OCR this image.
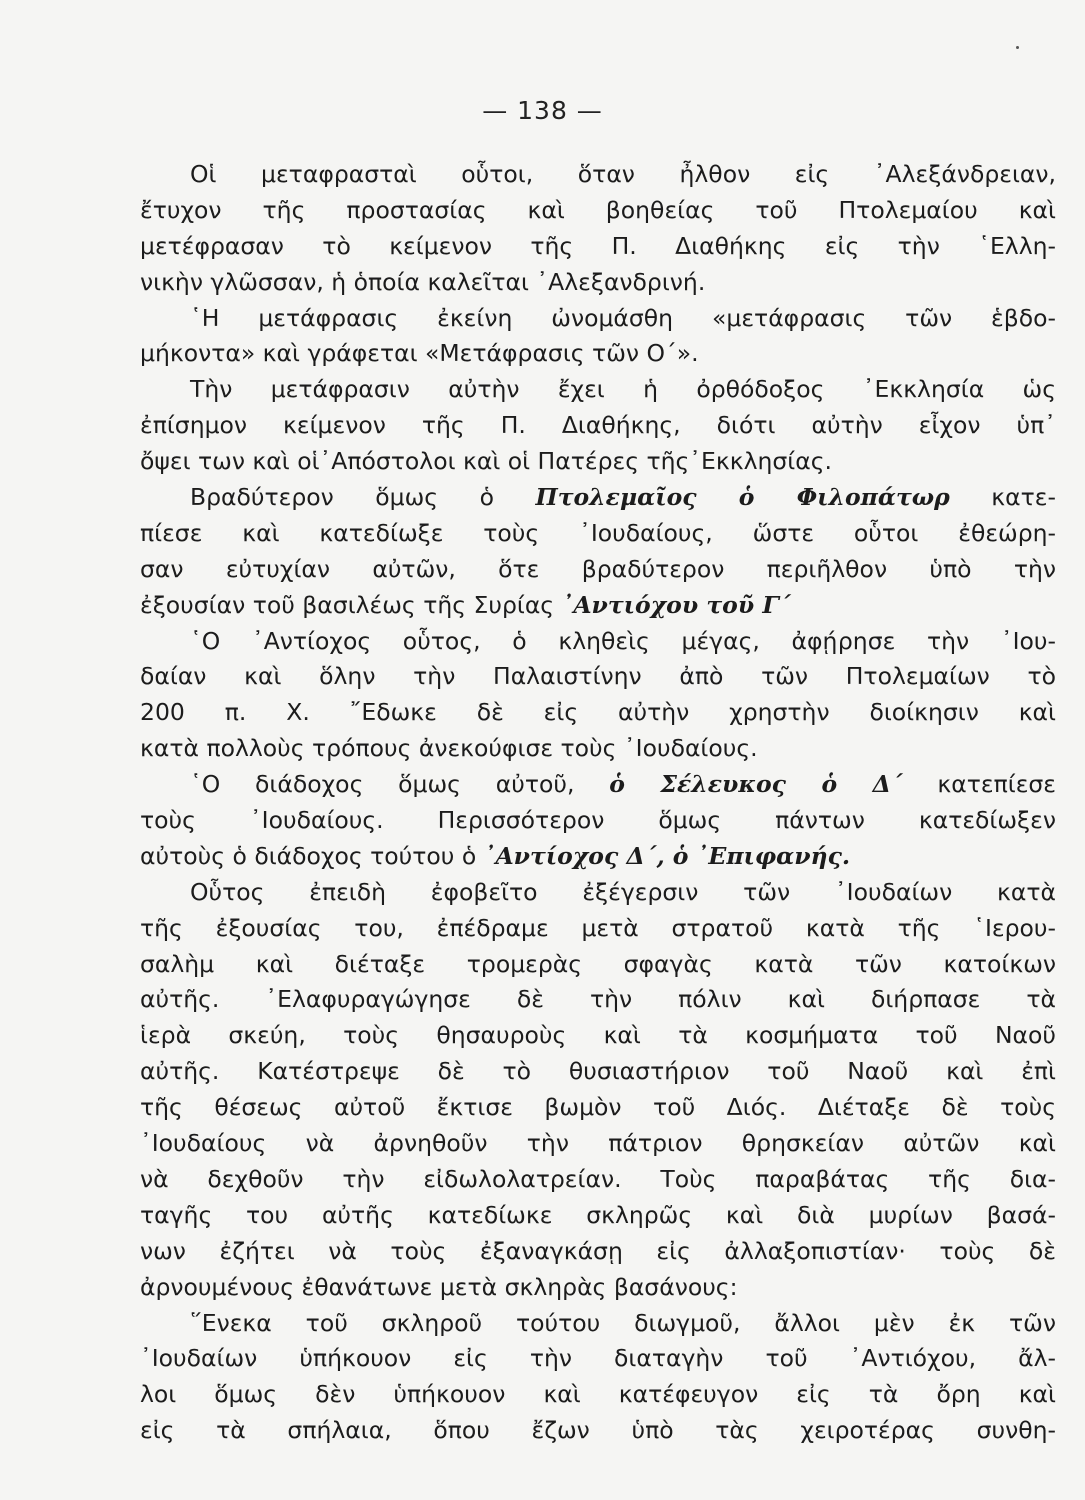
— 138 —
Οἱ μεταφρασταὶ οὗτοι, ὅταν ἦλθον εἰς ᾽Αλεξάνδρειαν,
ἔτυχον τῆς προστασίας καὶ βοηθείας τοῦ Πτολεμαίου καὶ
μετέφρασαν τὸ κείμενον τῆς Π. Διαθήκης εἰς τὴν ῾Ελλη-
νικὴν γλῶσσαν, ἡ ὁποία καλεῖται ᾽Αλεξανδρινή.
῾Η μετάφρασις ἐκείνη ὠνομάσθη «μετάφρασις τῶν ἑβδο-
μήκοντα» καὶ γράφεται «Μετάφρασις τῶν Ο΄».
Τὴν μετάφρασιν αὐτὴν ἔχει ἡ ὀρθόδοξος ᾽Εκκλησία ὡς
ἐπίσημον κείμενον τῆς Π. Διαθήκης, διότι αὐτὴν εἶχον ὑπ᾽
ὄψει των καὶ οἱ᾽Απόστολοι καὶ οἱ Πατέρες τῆς᾽Εκκλησίας.
Βραδύτερον ὅμως ὁ Πτολεμαῖος ὁ Φιλοπάτωρ κατε-
πίεσε καὶ κατεδίωξε τοὺς ᾽Ιουδαίους, ὥστε οὗτοι ἐθεώρη-
σαν εὐτυχίαν αὐτῶν, ὅτε βραδύτερον περιῆλθον ὑπὸ τὴν
ἐξουσίαν τοῦ βασιλέως τῆς Συρίας ᾽Αντιόχου τοῦ Γ΄
῾Ο ᾽Αντίοχος οὗτος, ὁ κληθεὶς μέγας, ἀφῄρησε τὴν ᾽Ιου-
δαίαν καὶ ὅλην τὴν Παλαιστίνην ἀπὸ τῶν Πτολεμαίων τὸ
200 π. Χ. ῎Εδωκε δὲ εἰς αὐτὴν χρηστὴν διοίκησιν καὶ
κατὰ πολλοὺς τρόπους ἀνεκούφισε τοὺς ᾽Ιουδαίους.
῾Ο διάδοχος ὅμως αὐτοῦ, ὁ Σέλευκος ὁ Δ΄ κατεπίεσε
τοὺς ᾽Ιουδαίους. Περισσότερον ὅμως πάντων κατεδίωξεν
αὐτοὺς ὁ διάδοχος τούτου ὁ ᾽Αντίοχος Δ΄, ὁ ᾽Επιφανής.
Οὗτος ἐπειδὴ ἐφοβεῖτο ἐξέγερσιν τῶν ᾽Ιουδαίων κατὰ
τῆς ἐξουσίας του, ἐπέδραμε μετὰ στρατοῦ κατὰ τῆς ῾Ιερου-
σαλὴμ καὶ διέταξε τρομερὰς σφαγὰς κατὰ τῶν κατοίκων
αὐτῆς. ᾽Ελαφυραγώγησε δὲ τὴν πόλιν καὶ διήρπασε τὰ
ἱερὰ σκεύη, τοὺς θησαυροὺς καὶ τὰ κοσμήματα τοῦ Ναοῦ
αὐτῆς. Κατέστρεψε δὲ τὸ θυσιαστήριον τοῦ Ναοῦ καὶ ἐπὶ
τῆς θέσεως αὐτοῦ ἔκτισε βωμὸν τοῦ Διός. Διέταξε δὲ τοὺς
᾽Ιουδαίους νὰ ἀρνηθοῦν τὴν πάτριον θρησκείαν αὐτῶν καὶ
νὰ δεχθοῦν τὴν εἰδωλολατρείαν. Τοὺς παραβάτας τῆς δια-
ταγῆς του αὐτῆς κατεδίωκε σκληρῶς καὶ διὰ μυρίων βασά-
νων ἐζήτει νὰ τοὺς ἐξαναγκάσῃ εἰς ἀλλαξοπιστίαν· τοὺς δὲ
ἀρνουμένους ἐθανάτωνε μετὰ σκληρὰς βασάνους:
῞Ενεκα τοῦ σκληροῦ τούτου διωγμοῦ, ἄλλοι μὲν ἐκ τῶν
᾽Ιουδαίων ὑπήκουον εἰς τὴν διαταγὴν τοῦ ᾽Αντιόχου, ἄλ-
λοι ὅμως δὲν ὑπήκουον καὶ κατέφευγον εἰς τὰ ὄρη καὶ
εἰς τὰ σπήλαια, ὅπου ἔζων ὑπὸ τὰς χειροτέρας συνθη-
